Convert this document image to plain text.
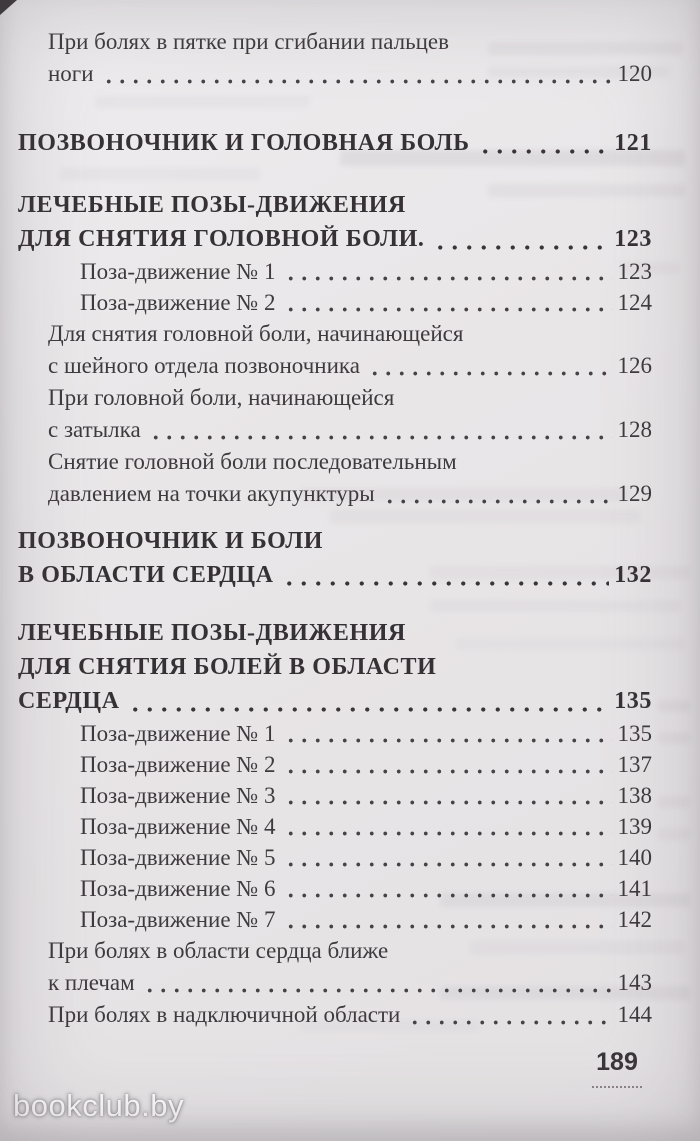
При болях в пятке при сгибании пальцев
ноги	120
ПОЗВОНОЧНИК И ГОЛОВНАЯ БОЛЬ	121
ЛЕЧЕБНЫЕ ПОЗЫ-ДВИЖЕНИЯ
ДЛЯ СНЯТИЯ ГОЛОВНОЙ БОЛИ.	123
Поза-движение № 1	123
Поза-движение № 2	124
Для снятия головной боли, начинающейся
с шейного отдела позвоночника	126
При головной боли, начинающейся
с затылка	128
Снятие головной боли последовательным
давлением на точки акупунктуры	129
ПОЗВОНОЧНИК И БОЛИ
В ОБЛАСТИ СЕРДЦА	132
ЛЕЧЕБНЫЕ ПОЗЫ-ДВИЖЕНИЯ
ДЛЯ СНЯТИЯ БОЛЕЙ В ОБЛАСТИ
СЕРДЦА	135
Поза-движение № 1	135
Поза-движение № 2	137
Поза-движение № 3	138
Поза-движение № 4	139
Поза-движение № 5	140
Поза-движение № 6	141
Поза-движение № 7	142
При болях в области сердца ближе
к плечам	143
При болях в надключичной области	144
189
bookclub.by
